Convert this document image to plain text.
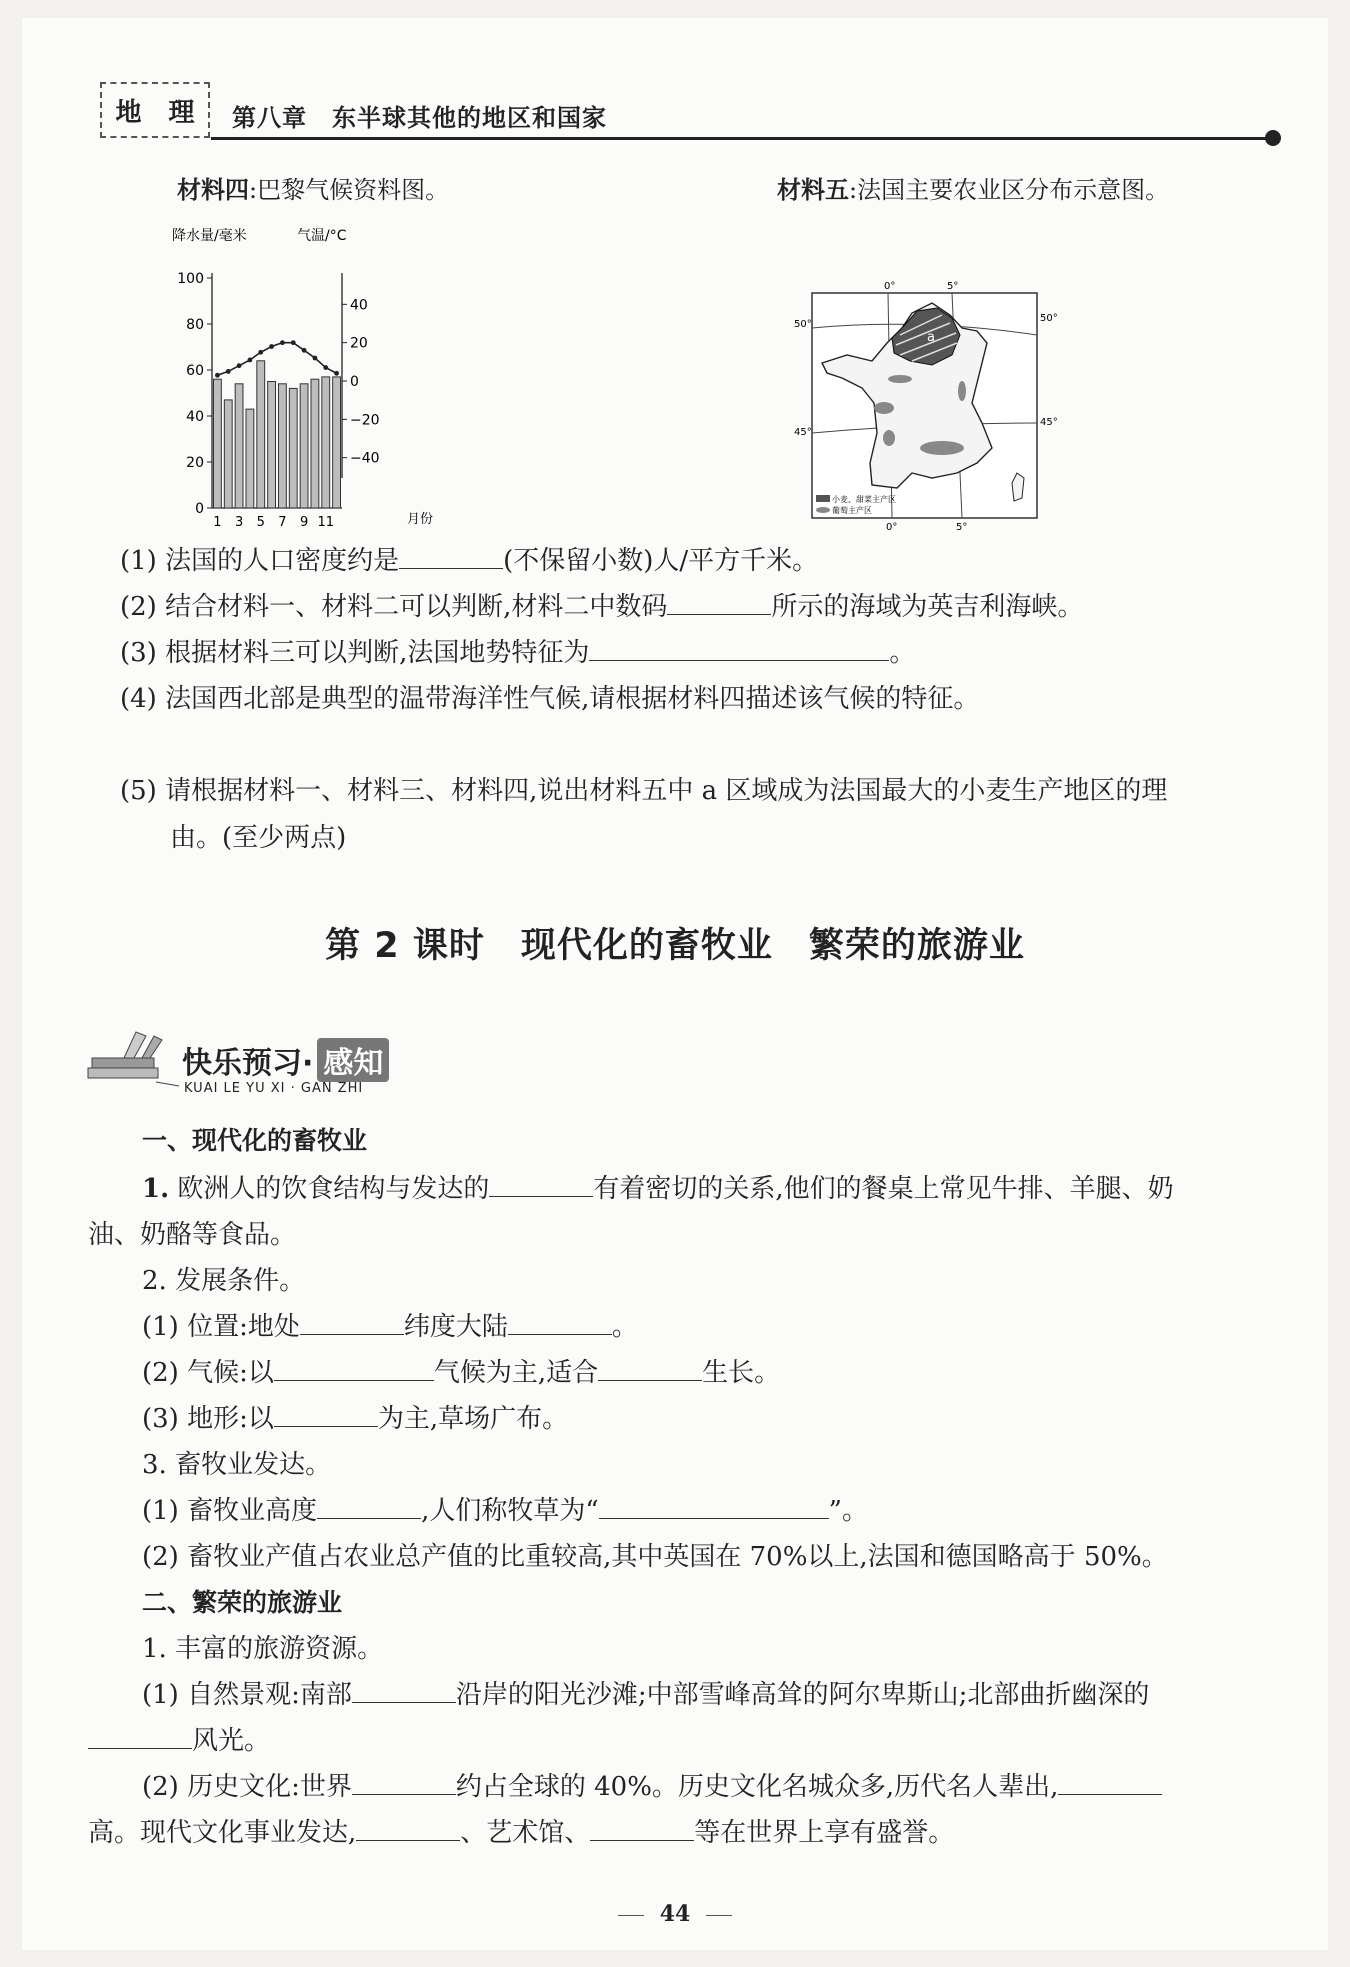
地 理 第八章　东半球其他的地区和国家
材料四:巴黎气候资料图。	材料五:法国主要农业区分布示意图。
降水量/毫米	气温/°C
月份
100
80
60
40
20
0
40
20
0
−20
−40
1 3 5 7 9 11
a
0°	5°
0°	5°
50°
50°
45°
45°
小麦、甜菜主产区
葡萄主产区
(1) 法国的人口密度约是	(不保留小数)人/平方千米。
(2) 结合材料一、材料二可以判断,材料二中数码	所示的海域为英吉利海峡。
(3) 根据材料三可以判断,法国地势特征为	。
(4) 法国西北部是典型的温带海洋性气候,请根据材料四描述该气候的特征。
(5) 请根据材料一、材料三、材料四,说出材料五中 a 区域成为法国最大的小麦生产地区的理
由。(至少两点)
第 2 课时　现代化的畜牧业　繁荣的旅游业
快乐预习· 感知
KUAI LE YU XI · GAN ZHI
一、现代化的畜牧业
1. 欧洲人的饮食结构与发达的	有着密切的关系,他们的餐桌上常见牛排、羊腿、奶
油、奶酪等食品。
2. 发展条件。
(1) 位置:地处	纬度大陆	。
(2) 气候:以	气候为主,适合	生长。
(3) 地形:以	为主,草场广布。
3. 畜牧业发达。
(1) 畜牧业高度	,人们称牧草为“	”。
(2) 畜牧业产值占农业总产值的比重较高,其中英国在 70%以上,法国和德国略高于 50%。
二、繁荣的旅游业
1. 丰富的旅游资源。
(1) 自然景观:南部	沿岸的阳光沙滩;中部雪峰高耸的阿尔卑斯山;北部曲折幽深的
风光。
(2) 历史文化:世界	约占全球的 40%。历史文化名城众多,历代名人辈出,
高。现代文化事业发达,	、艺术馆、	等在世界上享有盛誉。
44
